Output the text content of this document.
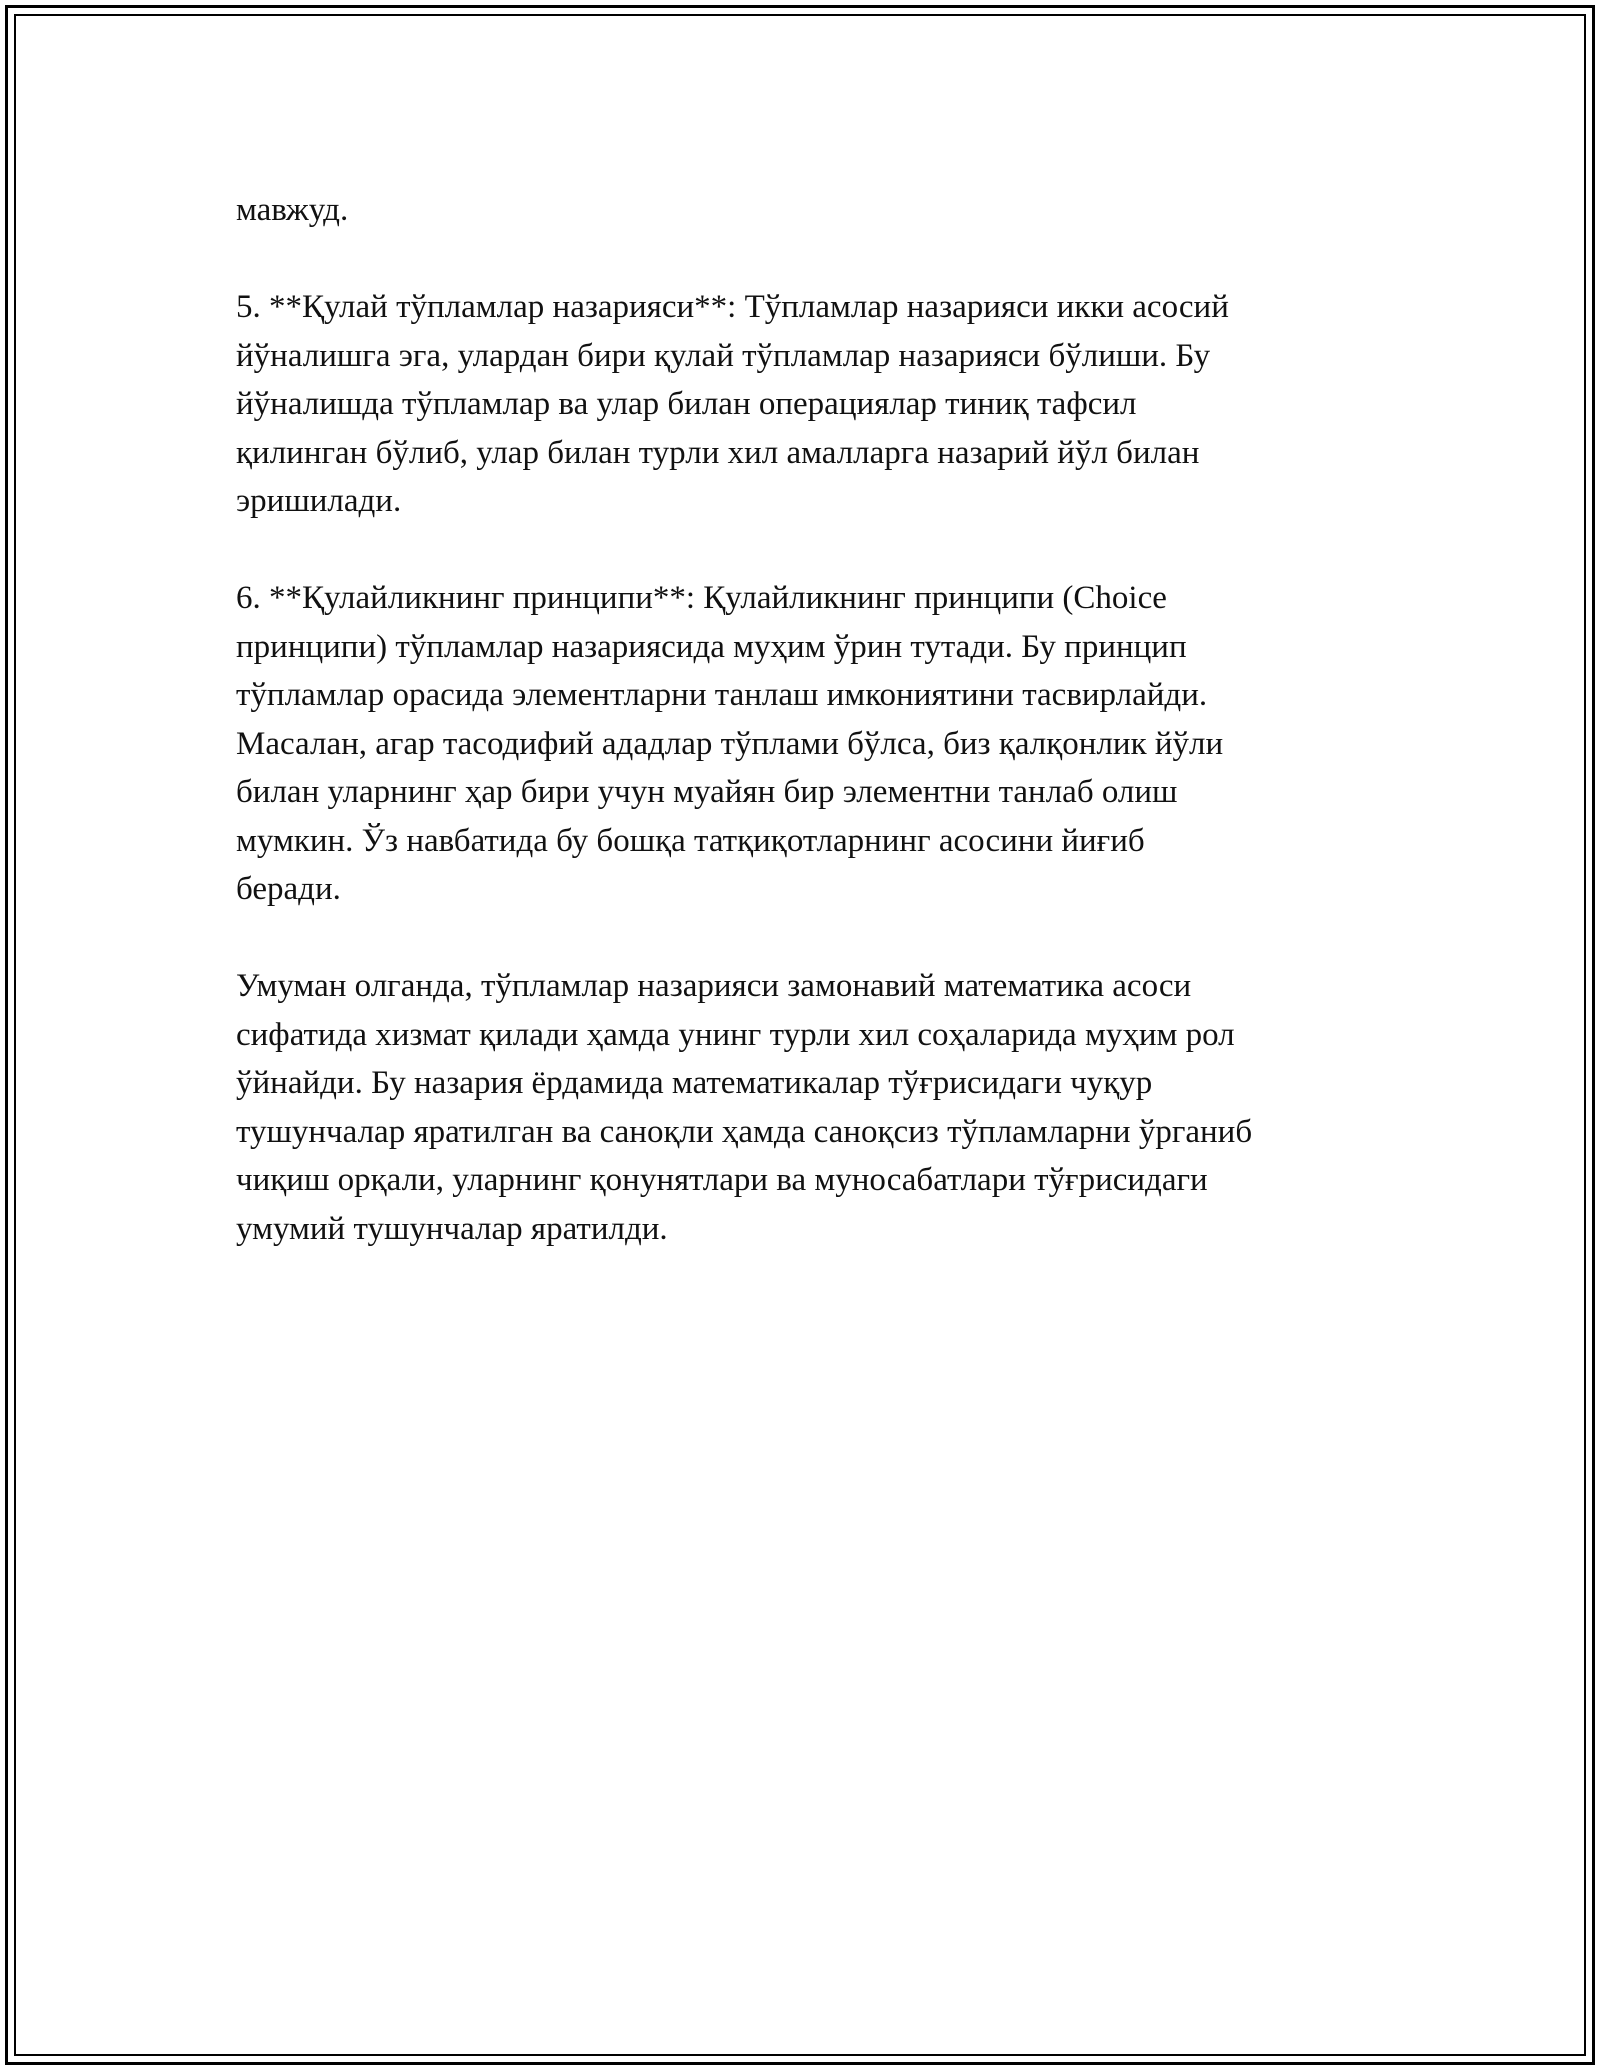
мавжуд.
5. **Қулай тўпламлар назарияси**: Тўпламлар назарияси икки асосий
йўналишга эга, улардан бири қулай тўпламлар назарияси бўлиши. Бу
йўналишда тўпламлар ва улар билан операциялар тиниқ тафсил
қилинган бўлиб, улар билан турли хил амалларга назарий йўл билан
эришилади.
6. **Қулайликнинг принципи**: Қулайликнинг принципи (Choice
принципи) тўпламлар назариясида муҳим ўрин тутади. Бу принцип
тўпламлар орасида элементларни танлаш имкониятини тасвирлайди.
Масалан, агар тасодифий ададлар тўплами бўлса, биз қалқонлик йўли
билан уларнинг ҳар бири учун муайян бир элементни танлаб олиш
мумкин. Ўз навбатида бу бошқа татқиқотларнинг асосини йиғиб
беради.
Умуман олганда, тўпламлар назарияси замонавий математика асоси
сифатида хизмат қилади ҳамда унинг турли хил соҳаларида муҳим рол
ўйнайди. Бу назария ёрдамида математикалар тўғрисидаги чуқур
тушунчалар яратилган ва саноқли ҳамда саноқсиз тўпламларни ўрганиб
чиқиш орқали, уларнинг қонунятлари ва муносабатлари тўғрисидаги
умумий тушунчалар яратилди.
